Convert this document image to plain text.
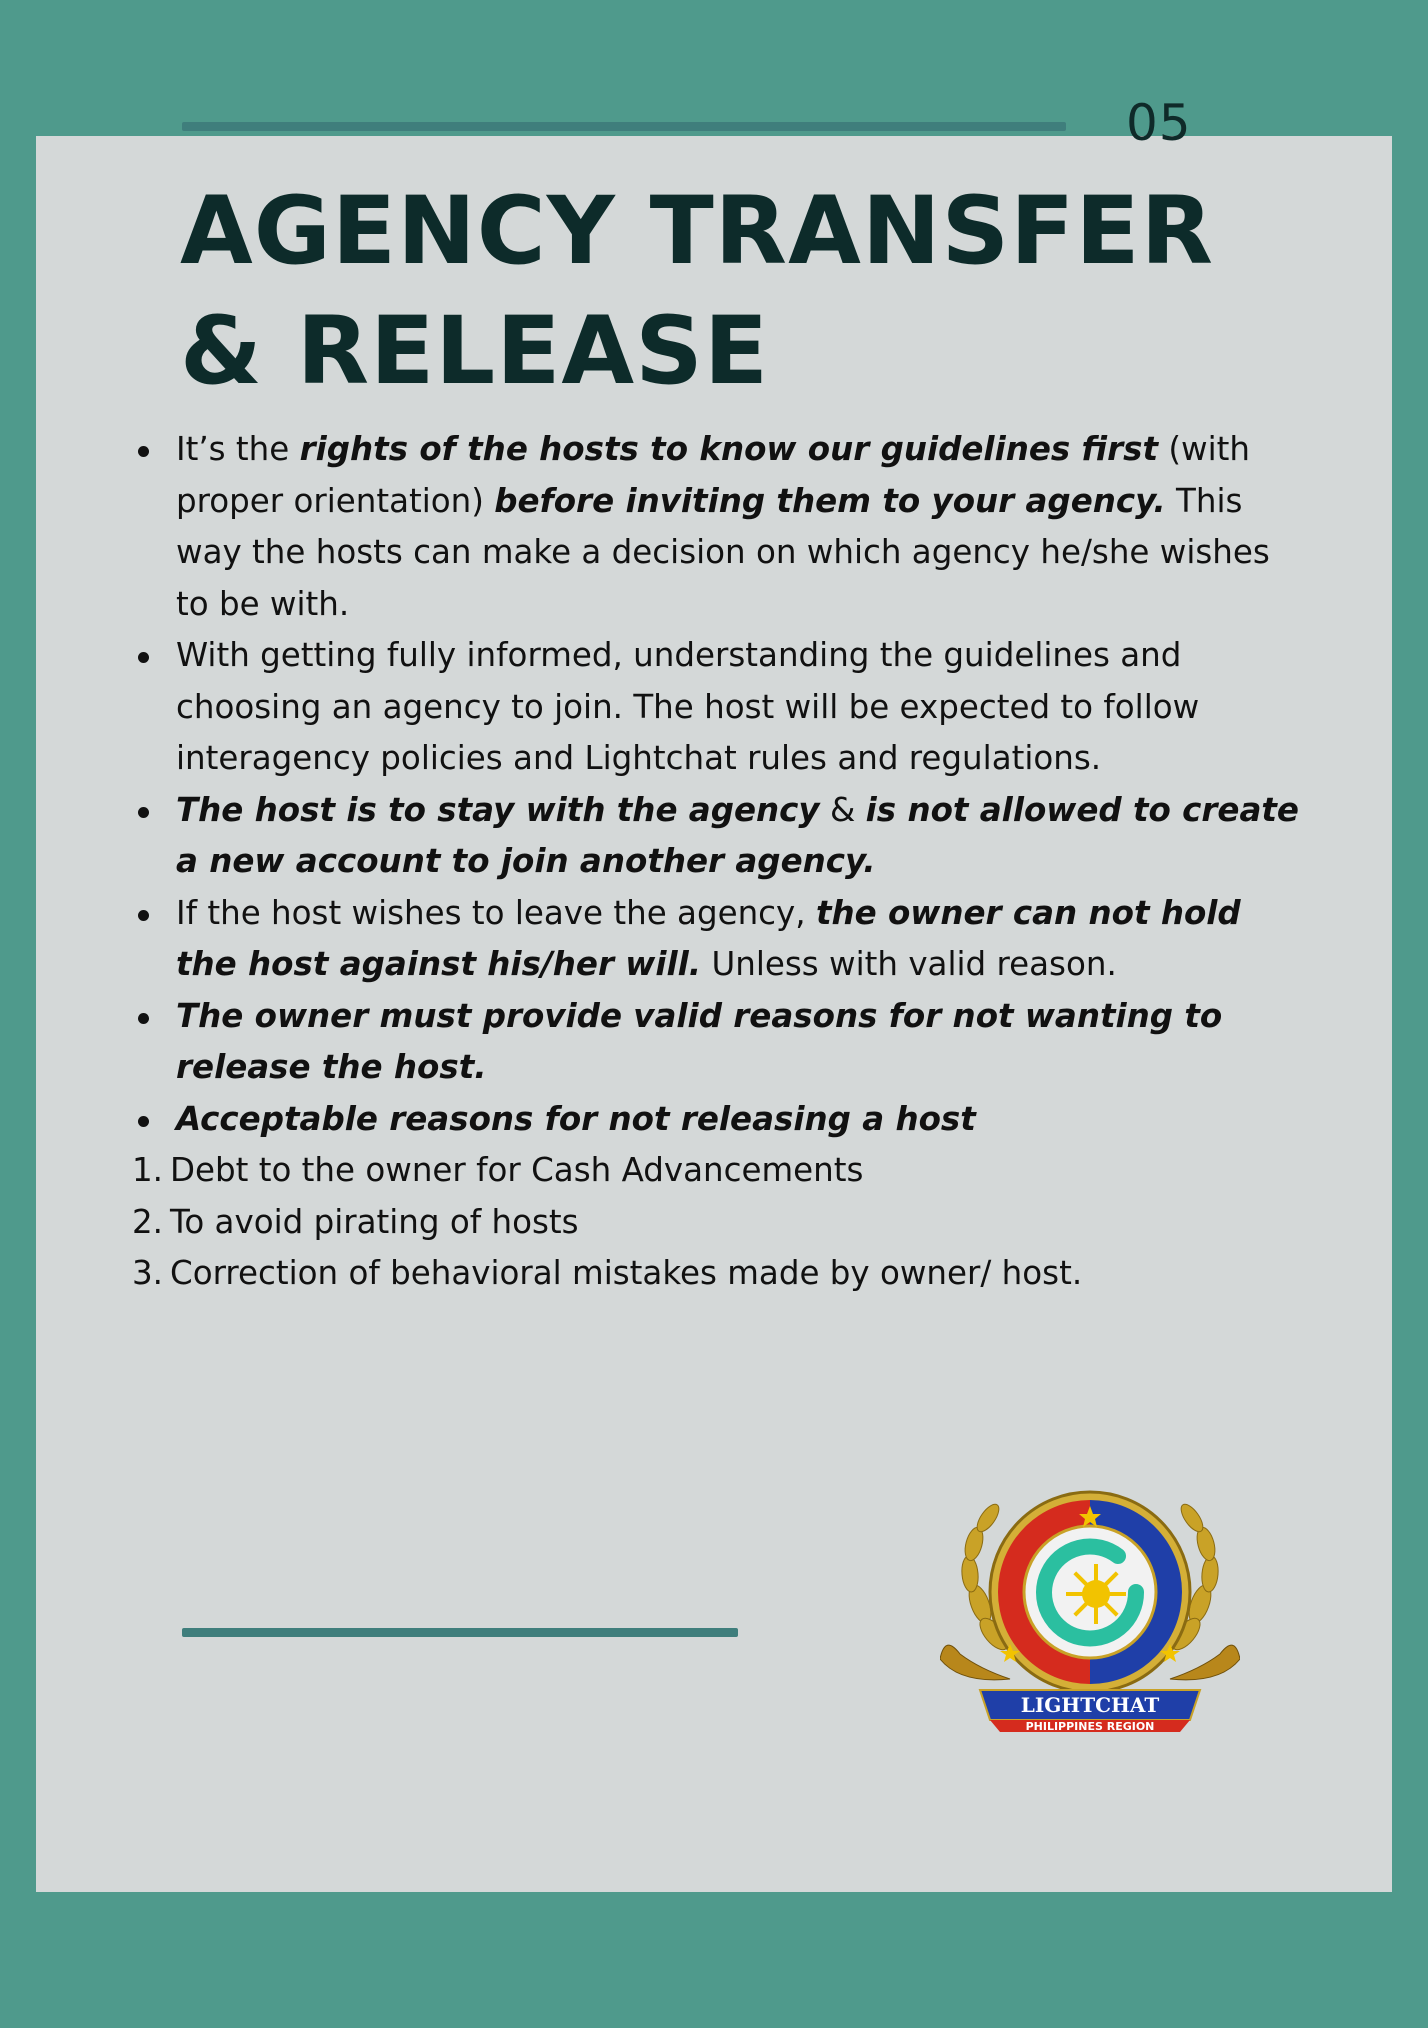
05
AGENCY TRANSFER
& RELEASE
It’s the rights of the hosts to know our guidelines first (with proper orientation) before inviting them to your agency. This way the hosts can make a decision on which agency he/she wishes to be with.
With getting fully informed, understanding the guidelines and choosing an agency to join. The host will be expected to follow interagency policies and Lightchat rules and regulations.
The host is to stay with the agency & is not allowed to create a new account to join another agency.
If the host wishes to leave the agency, the owner can not hold the host against his/her will. Unless with valid reason.
The owner must provide valid reasons for not wanting to release the host.
Acceptable reasons for not releasing a host
1. Debt to the owner for Cash Advancements
2. To avoid pirating of hosts
3. Correction of behavioral mistakes made by owner/ host.
LIGHTCHAT
PHILIPPINES REGION
